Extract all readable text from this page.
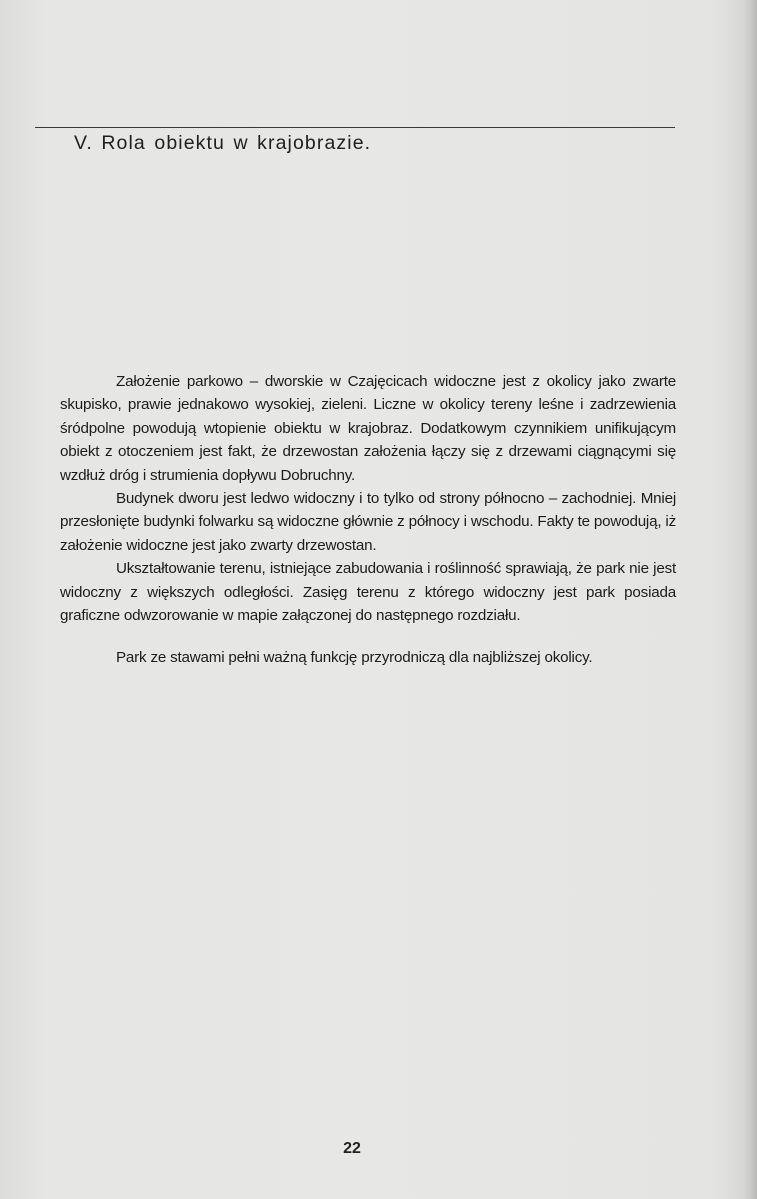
V. Rola obiektu w krajobrazie.

Założenie parkowo – dworskie w Czajęcicach widoczne jest z okolicy jako zwarte skupisko, prawie jednakowo wysokiej, zieleni. Liczne w okolicy tereny leśne i zadrzewienia śródpolne powodują wtopienie obiektu w krajobraz. Dodatkowym czynnikiem unifikującym obiekt z otoczeniem jest fakt, że drzewostan założenia łączy się z drzewami ciągnącymi się wzdłuż dróg i strumienia dopływu Dobruchny.

Budynek dworu jest ledwo widoczny i to tylko od strony północno – zachodniej. Mniej przesłonięte budynki folwarku są widoczne głównie z północy i wschodu. Fakty te powodują, iż założenie widoczne jest jako zwarty drzewostan.

Ukształtowanie terenu, istniejące zabudowania i roślinność sprawiają, że park nie jest widoczny z większych odległości. Zasięg terenu z którego widoczny jest park posiada graficzne odwzorowanie w mapie załączonej do następnego rozdziału.

Park ze stawami pełni ważną funkcję przyrodniczą dla najbliższej okolicy.

22
